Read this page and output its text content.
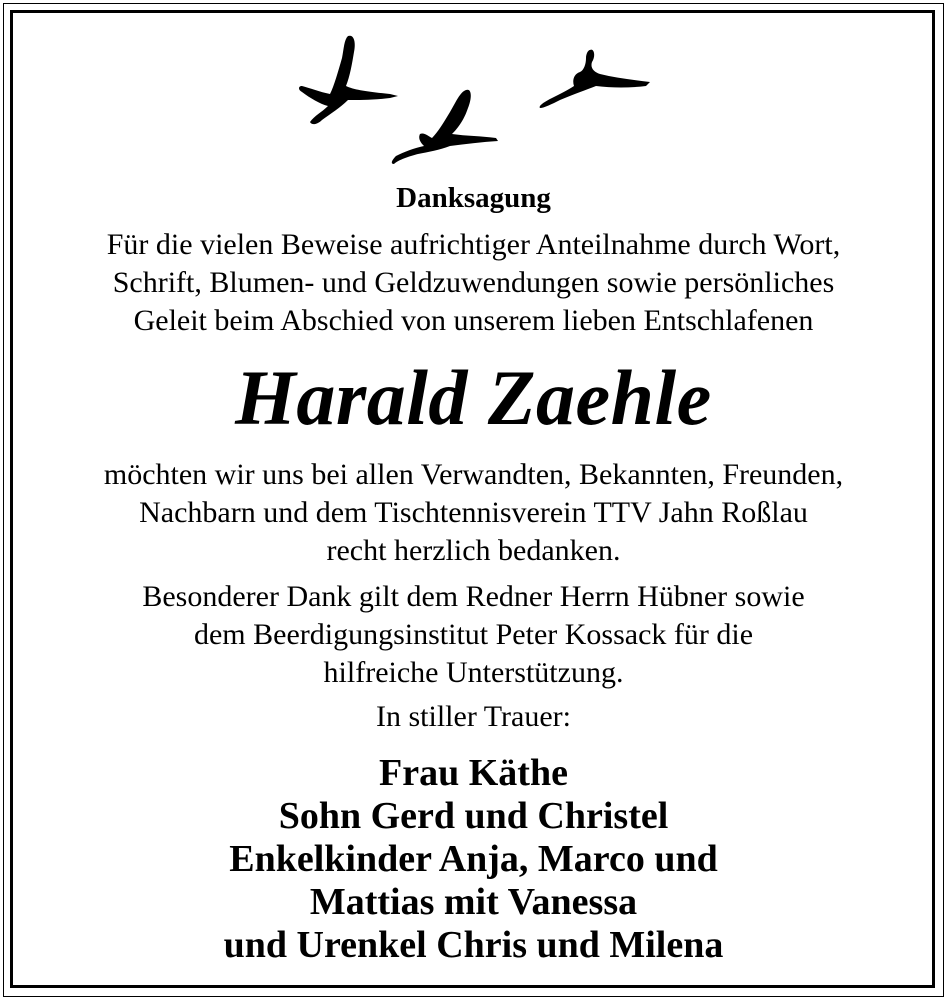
Danksagung
Für die vielen Beweise aufrichtiger Anteilnahme durch Wort,
Schrift, Blumen- und Geldzuwendungen sowie persönliches
Geleit beim Abschied von unserem lieben Entschlafenen
Harald Zaehle
möchten wir uns bei allen Verwandten, Bekannten, Freunden,
Nachbarn und dem Tischtennisverein TTV Jahn Roßlau
recht herzlich bedanken.
Besonderer Dank gilt dem Redner Herrn Hübner sowie
dem Beerdigungsinstitut Peter Kossack für die
hilfreiche Unterstützung.
In stiller Trauer:
Frau Käthe
Sohn Gerd und Christel
Enkelkinder Anja, Marco und
Mattias mit Vanessa
und Urenkel Chris und Milena
